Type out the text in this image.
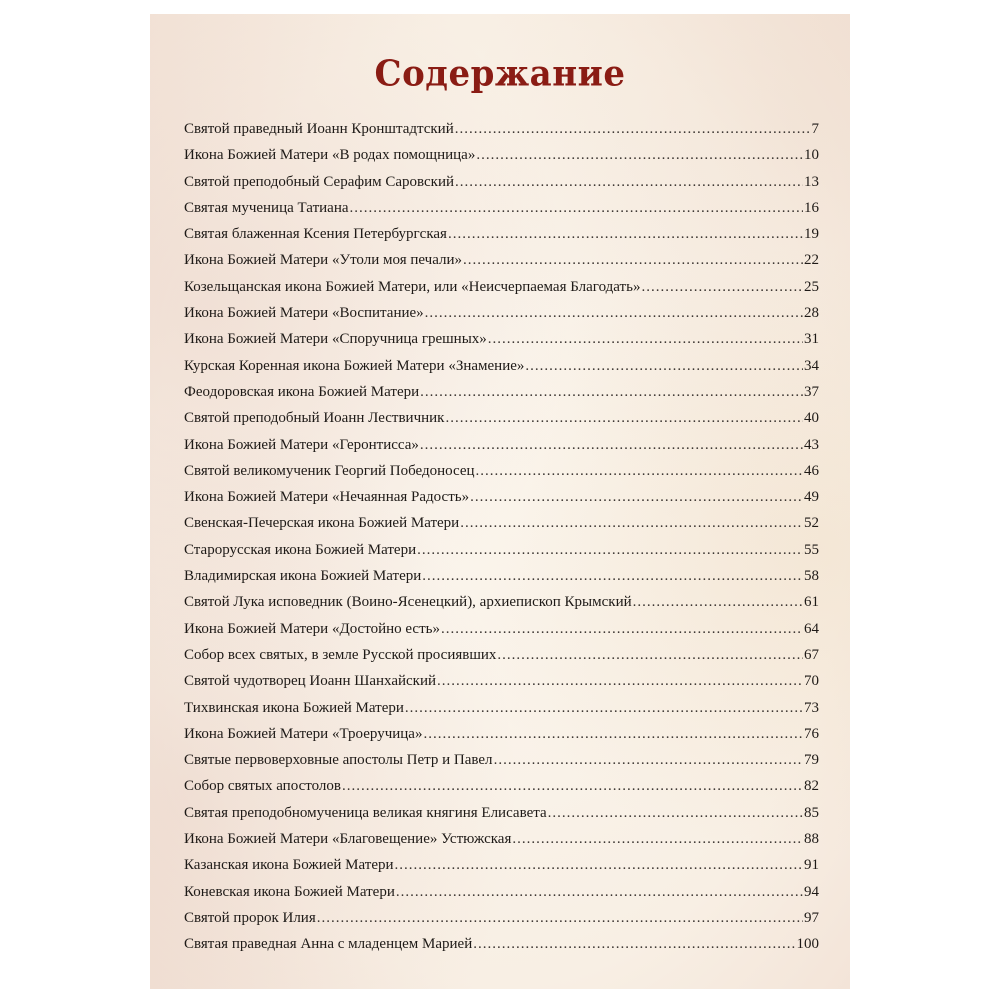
Содержание
Святой праведный Иоанн Кронштадтский .....	7
Икона Божией Матери «В родах помощница» .....	10
Святой преподобный Серафим Саровский .....	13
Святая мученица Татиана .....	16
Святая блаженная Ксения Петербургская .....	19
Икона Божией Матери «Утоли моя печали» .....	22
Козельщанская икона Божией Матери, или «Неисчерпаемая Благодать» .....	25
Икона Божией Матери «Воспитание» .....	28
Икона Божией Матери «Споручница грешных» .....	31
Курская Коренная икона Божией Матери «Знамение» .....	34
Феодоровская икона Божией Матери .....	37
Святой преподобный Иоанн Лествичник .....	40
Икона Божией Матери «Геронтисса» .....	43
Святой великомученик Георгий Победоносец .....	46
Икона Божией Матери «Нечаянная Радость» .....	49
Свенская-Печерская икона Божией Матери .....	52
Старорусская икона Божией Матери .....	55
Владимирская икона Божией Матери .....	58
Святой Лука исповедник (Воино-Ясенецкий), архиепископ Крымский .....	61
Икона Божией Матери «Достойно есть» .....	64
Собор всех святых, в земле Русской просиявших .....	67
Святой чудотворец Иоанн Шанхайский .....	70
Тихвинская икона Божией Матери .....	73
Икона Божией Матери «Троеручица» .....	76
Святые первоверховные апостолы Петр и Павел .....	79
Собор святых апостолов .....	82
Святая преподобномученица великая княгиня Елисавета .....	85
Икона Божией Матери «Благовещение» Устюжская .....	88
Казанская икона Божией Матери .....	91
Коневская икона Божией Матери .....	94
Святой пророк Илия .....	97
Святая праведная Анна с младенцем Марией .....	100
